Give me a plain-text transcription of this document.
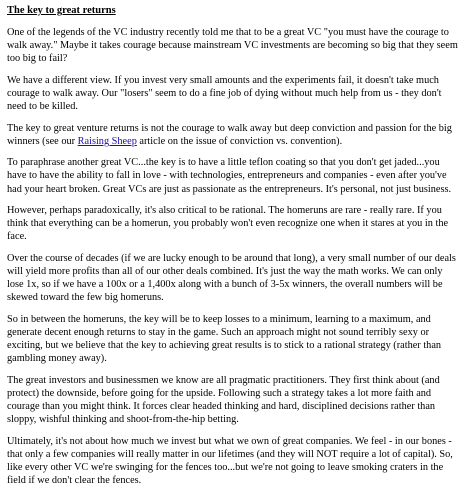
The key to great returns

One of the legends of the VC industry recently told me that to be a great VC "you must have the courage to walk away." Maybe it takes courage because mainstream VC investments are becoming so big that they seem too big to fail?

We have a different view. If you invest very small amounts and the experiments fail, it doesn't take much courage to walk away. Our "losers" seem to do a fine job of dying without much help from us - they don't need to be killed.

The key to great venture returns is not the courage to walk away but deep conviction and passion for the big winners (see our Raising Sheep article on the issue of conviction vs. convention).

To paraphrase another great VC...the key is to have a little teflon coating so that you don't get jaded...you have to have the ability to fall in love - with technologies, entrepreneurs and companies - even after you've had your heart broken. Great VCs are just as passionate as the entrepreneurs. It's personal, not just business.

However, perhaps paradoxically, it's also critical to be rational. The homeruns are rare - really rare. If you think that everything can be a homerun, you probably won't even recognize one when it stares at you in the face.

Over the course of decades (if we are lucky enough to be around that long), a very small number of our deals will yield more profits than all of our other deals combined. It's just the way the math works. We can only lose 1x, so if we have a 100x or a 1,400x along with a bunch of 3-5x winners, the overall numbers will be skewed toward the few big homeruns.

So in between the homeruns, the key will be to keep losses to a minimum, learning to a maximum, and generate decent enough returns to stay in the game. Such an approach might not sound terribly sexy or exciting, but we believe that the key to achieving great results is to stick to a rational strategy (rather than gambling money away).

The great investors and businessmen we know are all pragmatic practitioners. They first think about (and protect) the downside, before going for the upside. Following such a strategy takes a lot more faith and courage than you might think. It forces clear headed thinking and hard, disciplined decisions rather than sloppy, wishful thinking and shoot-from-the-hip betting.

Ultimately, it's not about how much we invest but what we own of great companies. We feel - in our bones - that only a few companies will really matter in our lifetimes (and they will NOT require a lot of capital). So, like every other VC we're swinging for the fences too...but we're not going to leave smoking craters in the field if we don't clear the fences.
